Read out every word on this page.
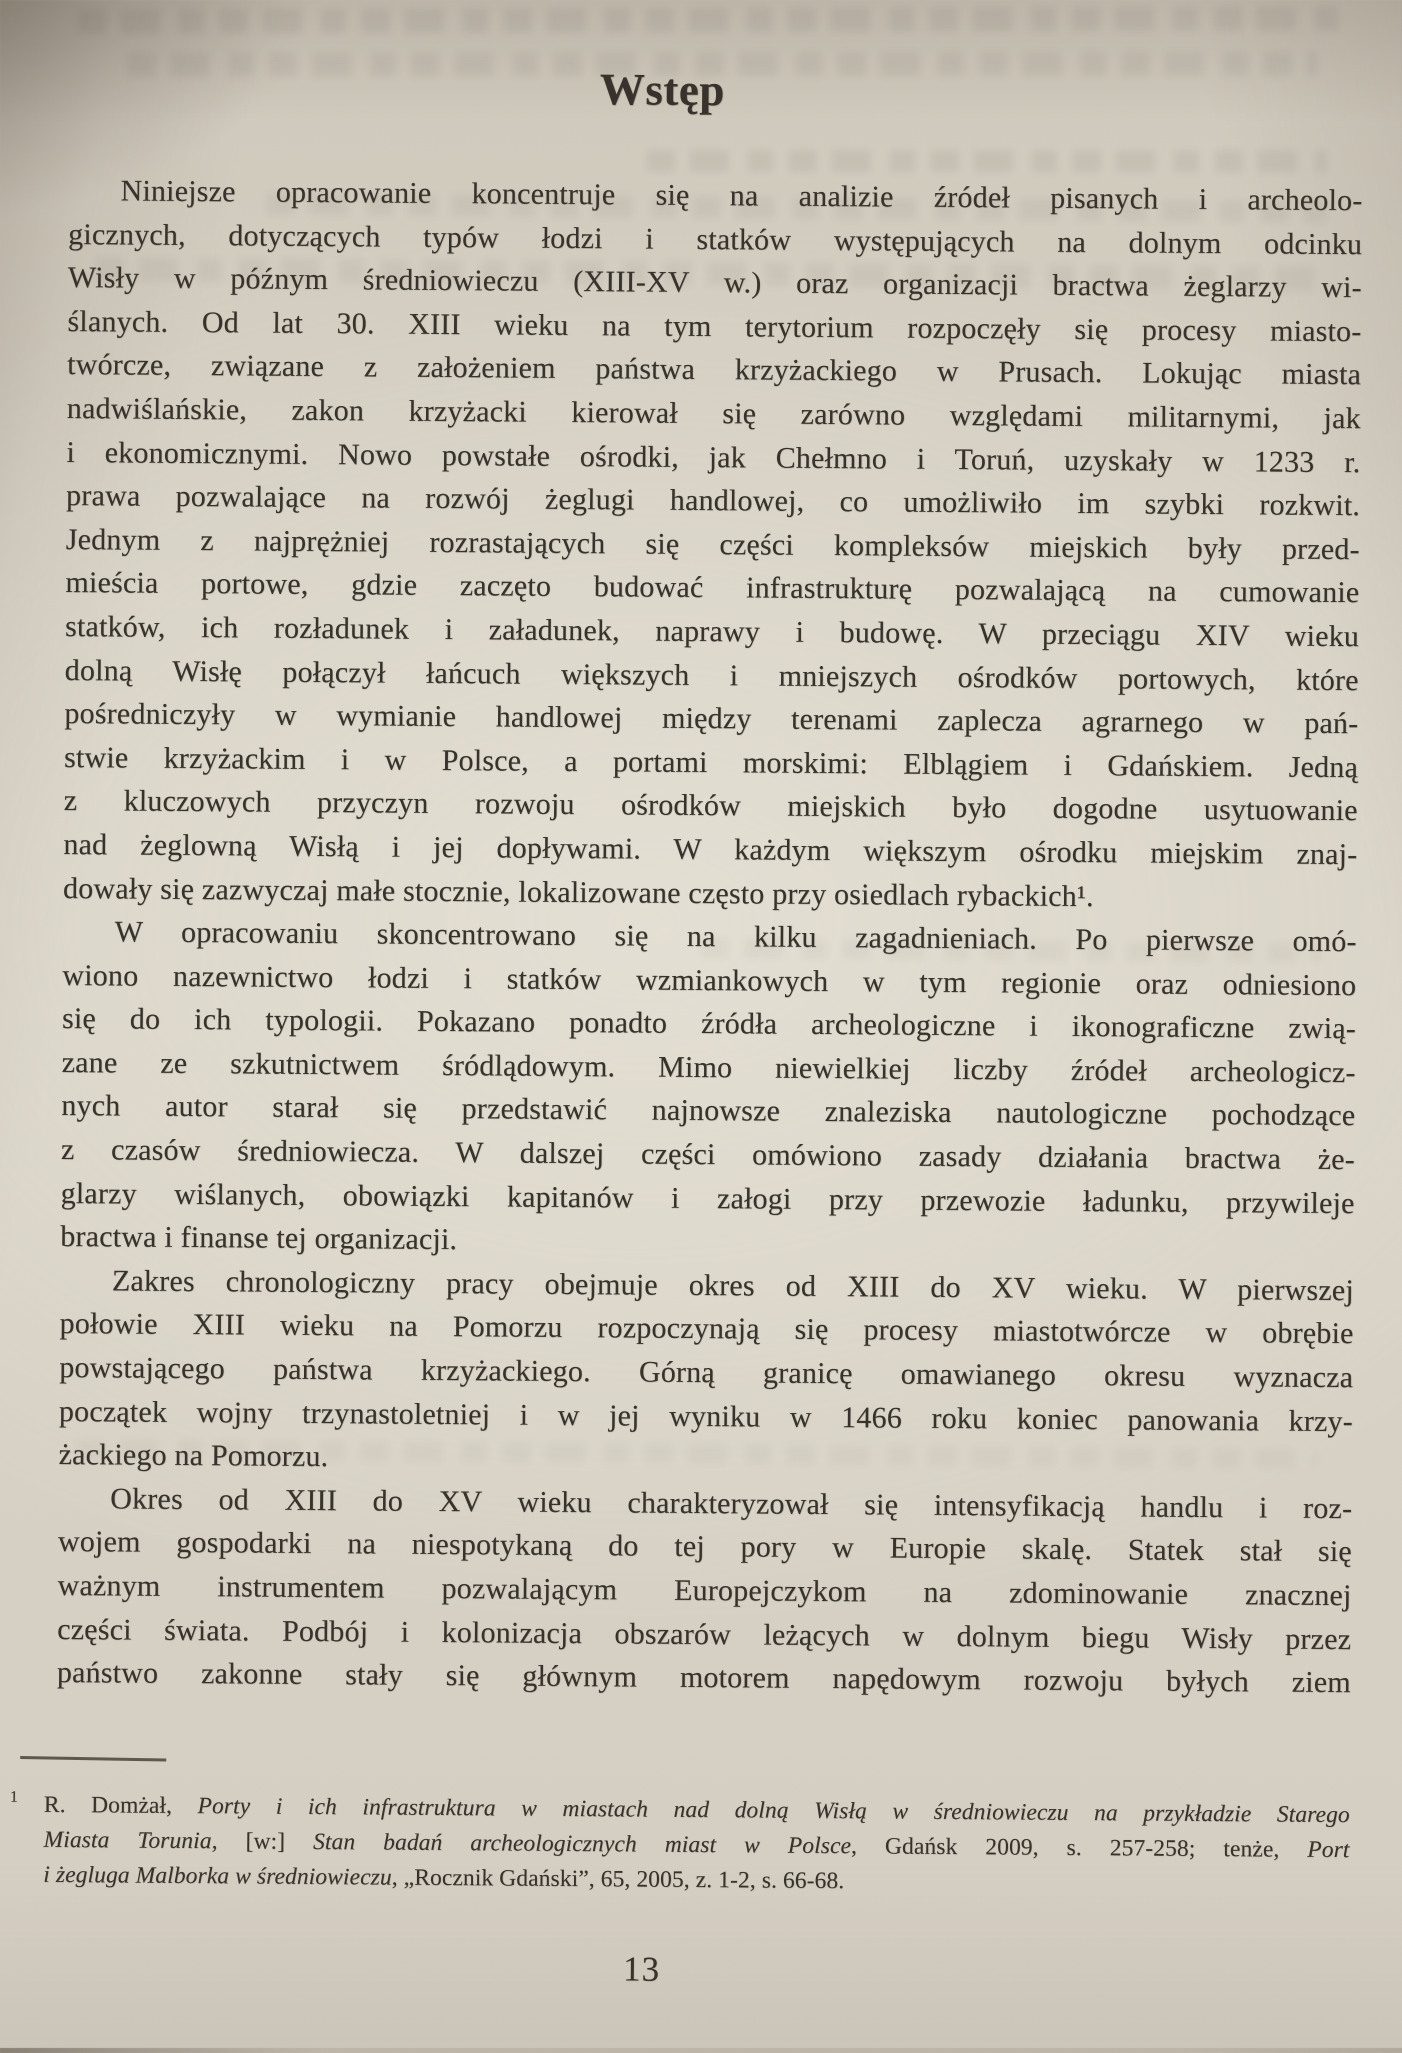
Wstęp
Niniejsze opracowanie koncentruje się na analizie źródeł pisanych i archeolo-
gicznych, dotyczących typów łodzi i statków występujących na dolnym odcinku
Wisły w późnym średniowieczu (XIII-XV w.) oraz organizacji bractwa żeglarzy wi-
ślanych. Od lat 30. XIII wieku na tym terytorium rozpoczęły się procesy miasto-
twórcze, związane z założeniem państwa krzyżackiego w Prusach. Lokując miasta
nadwiślańskie, zakon krzyżacki kierował się zarówno względami militarnymi, jak
i ekonomicznymi. Nowo powstałe ośrodki, jak Chełmno i Toruń, uzyskały w 1233 r.
prawa pozwalające na rozwój żeglugi handlowej, co umożliwiło im szybki rozkwit.
Jednym z najprężniej rozrastających się części kompleksów miejskich były przed-
mieścia portowe, gdzie zaczęto budować infrastrukturę pozwalającą na cumowanie
statków, ich rozładunek i załadunek, naprawy i budowę. W przeciągu XIV wieku
dolną Wisłę połączył łańcuch większych i mniejszych ośrodków portowych, które
pośredniczyły w wymianie handlowej między terenami zaplecza agrarnego w pań-
stwie krzyżackim i w Polsce, a portami morskimi: Elblągiem i Gdańskiem. Jedną
z kluczowych przyczyn rozwoju ośrodków miejskich było dogodne usytuowanie
nad żeglowną Wisłą i jej dopływami. W każdym większym ośrodku miejskim znaj-
dowały się zazwyczaj małe stocznie, lokalizowane często przy osiedlach rybackich¹.
W opracowaniu skoncentrowano się na kilku zagadnieniach. Po pierwsze omó-
wiono nazewnictwo łodzi i statków wzmiankowych w tym regionie oraz odniesiono
się do ich typologii. Pokazano ponadto źródła archeologiczne i ikonograficzne zwią-
zane ze szkutnictwem śródlądowym. Mimo niewielkiej liczby źródeł archeologicz-
nych autor starał się przedstawić najnowsze znaleziska nautologiczne pochodzące
z czasów średniowiecza. W dalszej części omówiono zasady działania bractwa że-
glarzy wiślanych, obowiązki kapitanów i załogi przy przewozie ładunku, przywileje
bractwa i finanse tej organizacji.
Zakres chronologiczny pracy obejmuje okres od XIII do XV wieku. W pierwszej
połowie XIII wieku na Pomorzu rozpoczynają się procesy miastotwórcze w obrębie
powstającego państwa krzyżackiego. Górną granicę omawianego okresu wyznacza
początek wojny trzynastoletniej i w jej wyniku w 1466 roku koniec panowania krzy-
żackiego na Pomorzu.
Okres od XIII do XV wieku charakteryzował się intensyfikacją handlu i roz-
wojem gospodarki na niespotykaną do tej pory w Europie skalę. Statek stał się
ważnym instrumentem pozwalającym Europejczykom na zdominowanie znacznej
części świata. Podbój i kolonizacja obszarów leżących w dolnym biegu Wisły przez
państwo zakonne stały się głównym motorem napędowym rozwoju byłych ziem
1 R. Domżał, Porty i ich infrastruktura w miastach nad dolną Wisłą w średniowieczu na przykładzie Starego
Miasta Torunia, [w:] Stan badań archeologicznych miast w Polsce, Gdańsk 2009, s. 257-258; tenże, Port
i żegluga Malborka w średniowieczu, „Rocznik Gdański”, 65, 2005, z. 1-2, s. 66-68.
13
